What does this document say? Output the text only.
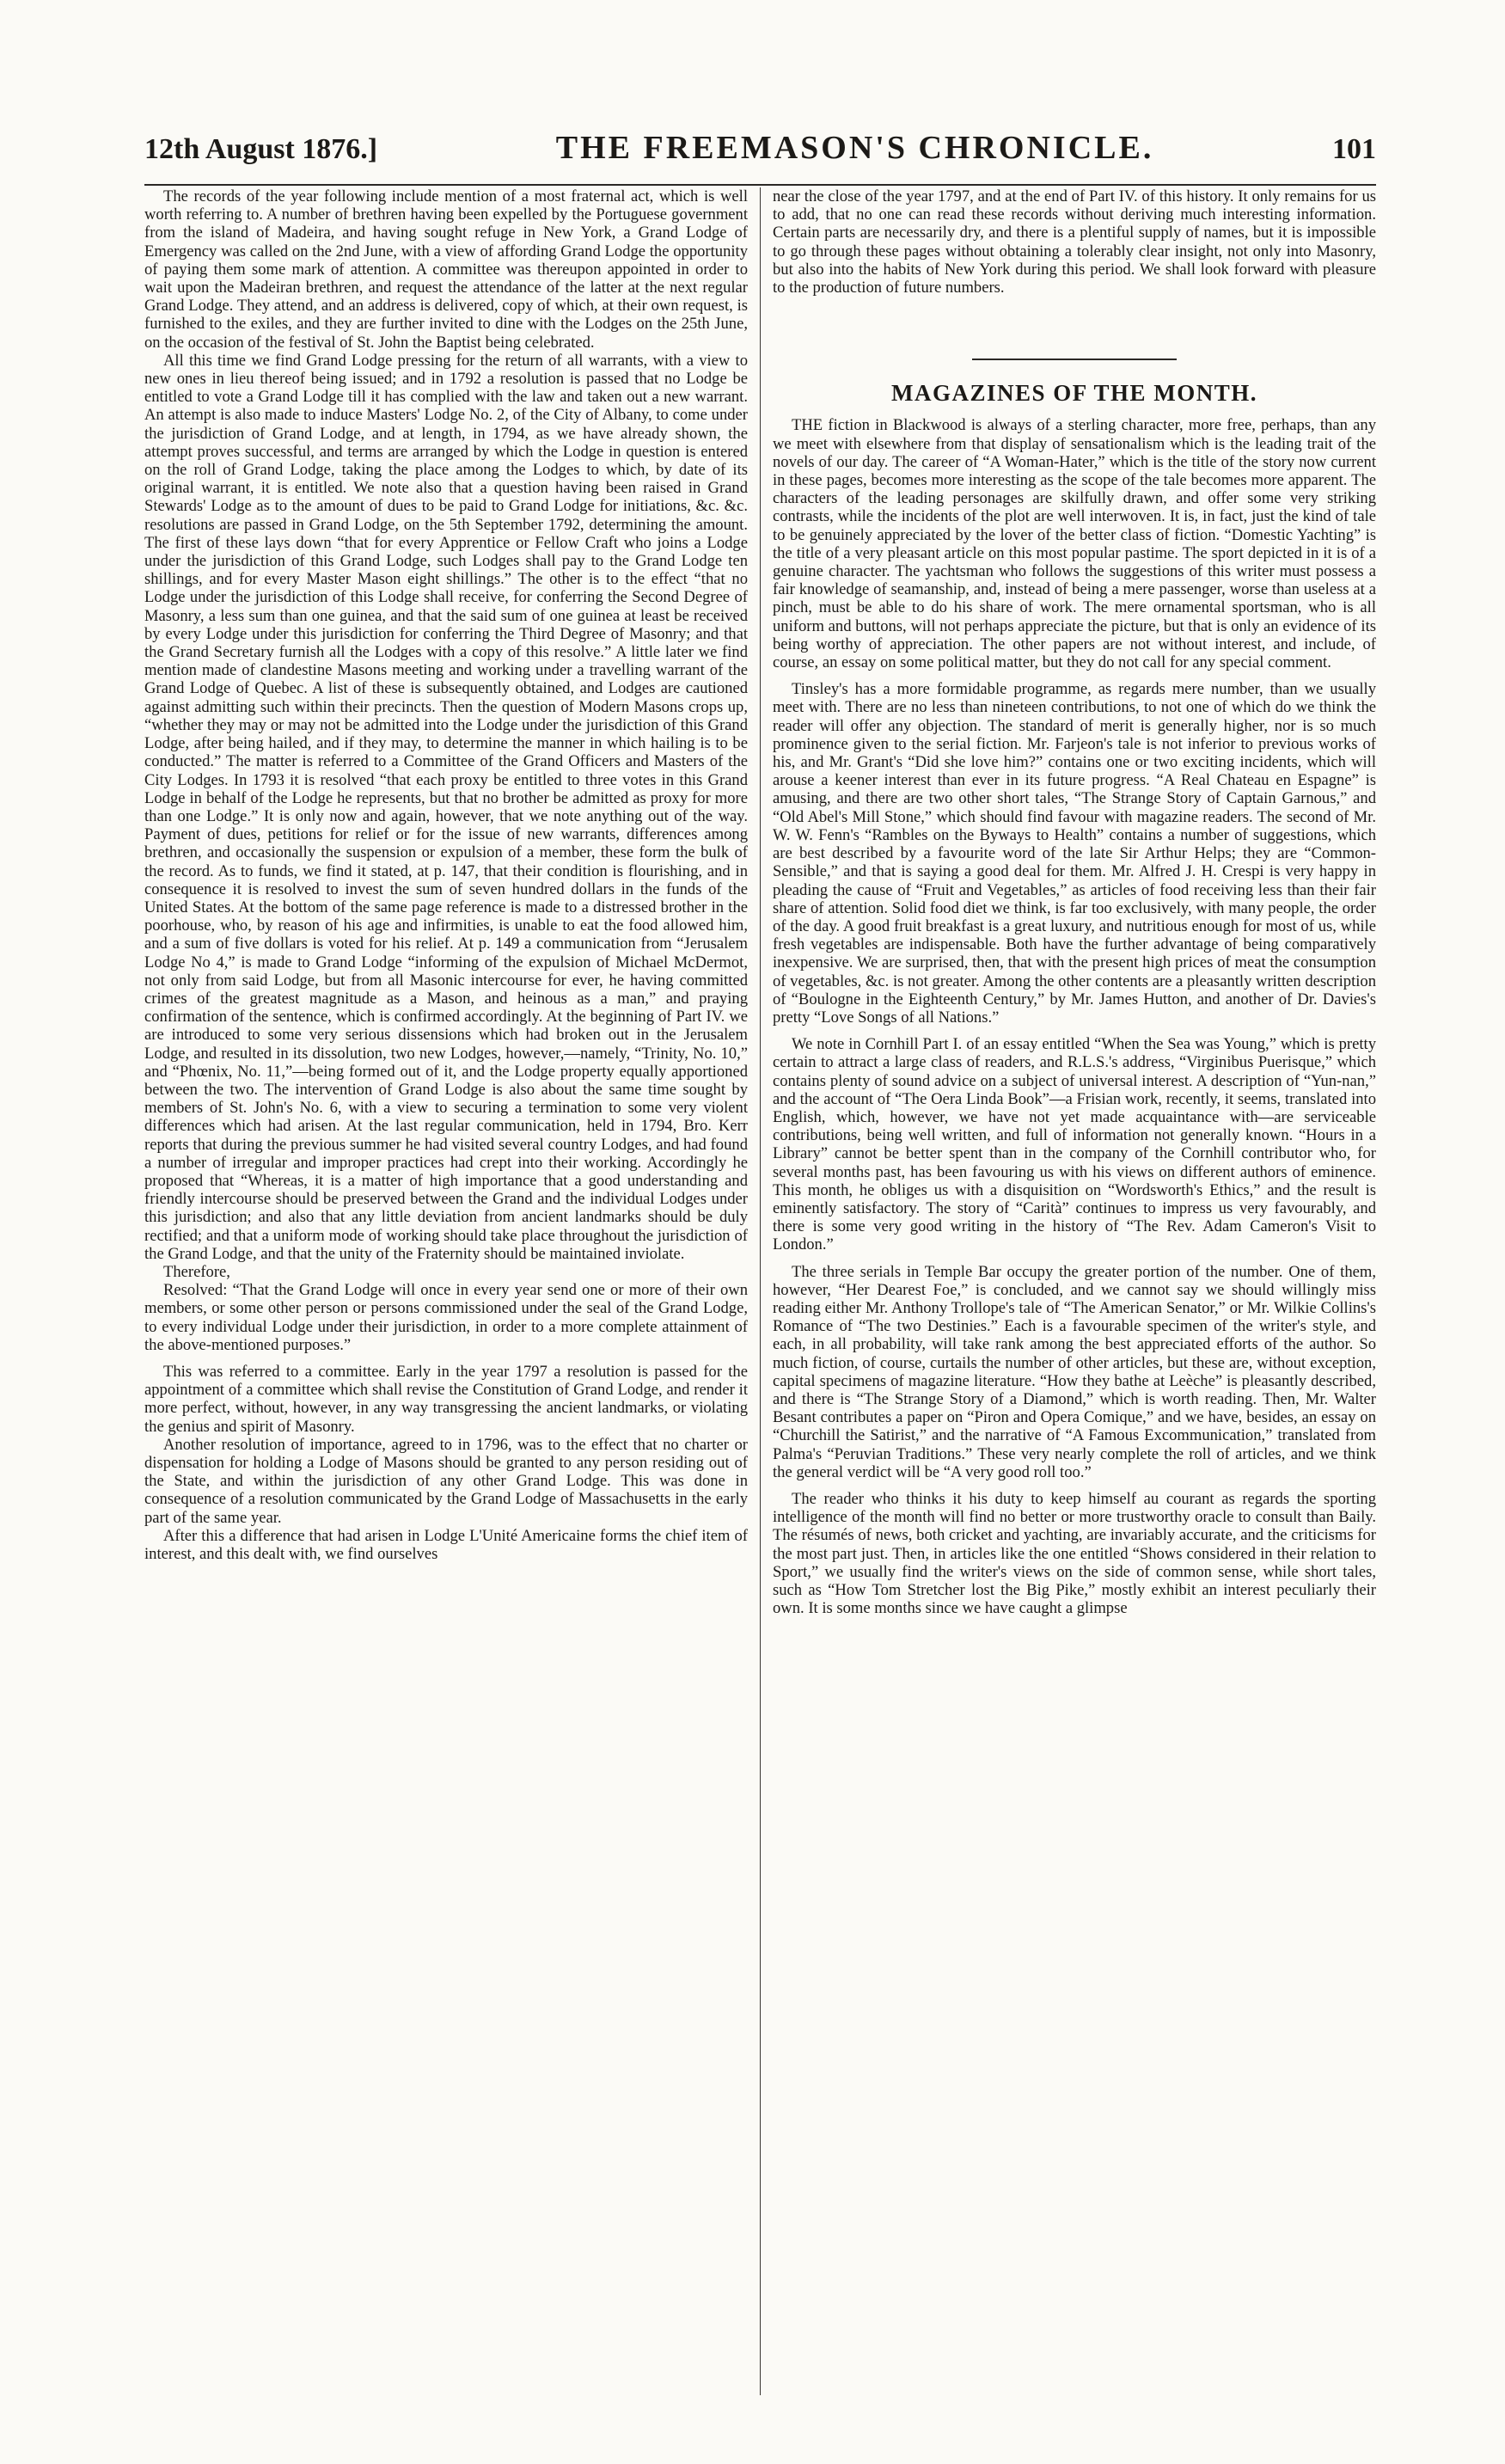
12th August 1876.]	THE FREEMASON'S CHRONICLE.	101

The records of the year following include mention of a most fraternal act, which is well worth referring to. A number of brethren having been expelled by the Portuguese government from the island of Madeira, and having sought refuge in New York, a Grand Lodge of Emergency was called on the 2nd June, with a view of affording Grand Lodge the opportunity of paying them some mark of attention. A committee was thereupon appointed in order to wait upon the Madeiran brethren, and request the attendance of the latter at the next regular Grand Lodge. They attend, and an address is delivered, copy of which, at their own request, is furnished to the exiles, and they are further invited to dine with the Lodges on the 25th June, on the occasion of the festival of St. John the Baptist being celebrated.

All this time we find Grand Lodge pressing for the return of all warrants, with a view to new ones in lieu thereof being issued; and in 1792 a resolution is passed that no Lodge be entitled to vote a Grand Lodge till it has complied with the law and taken out a new warrant. An attempt is also made to induce Masters' Lodge No. 2, of the City of Albany, to come under the jurisdiction of Grand Lodge, and at length, in 1794, as we have already shown, the attempt proves successful, and terms are arranged by which the Lodge in question is entered on the roll of Grand Lodge, taking the place among the Lodges to which, by date of its original warrant, it is entitled. We note also that a question having been raised in Grand Stewards' Lodge as to the amount of dues to be paid to Grand Lodge for initiations, &c. &c. resolutions are passed in Grand Lodge, on the 5th September 1792, determining the amount. The first of these lays down “that for every Apprentice or Fellow Craft who joins a Lodge under the jurisdiction of this Grand Lodge, such Lodges shall pay to the Grand Lodge ten shillings, and for every Master Mason eight shillings.” The other is to the effect “that no Lodge under the jurisdiction of this Lodge shall receive, for conferring the Second Degree of Masonry, a less sum than one guinea, and that the said sum of one guinea at least be received by every Lodge under this jurisdiction for conferring the Third Degree of Masonry; and that the Grand Secretary furnish all the Lodges with a copy of this resolve.” A little later we find mention made of clandestine Masons meeting and working under a travelling warrant of the Grand Lodge of Quebec. A list of these is subsequently obtained, and Lodges are cautioned against admitting such within their precincts. Then the question of Modern Masons crops up, “whether they may or may not be admitted into the Lodge under the jurisdiction of this Grand Lodge, after being hailed, and if they may, to determine the manner in which hailing is to be conducted.” The matter is referred to a Committee of the Grand Officers and Masters of the City Lodges. In 1793 it is resolved “that each proxy be entitled to three votes in this Grand Lodge in behalf of the Lodge he represents, but that no brother be admitted as proxy for more than one Lodge.” It is only now and again, however, that we note anything out of the way. Payment of dues, petitions for relief or for the issue of new warrants, differences among brethren, and occasionally the suspension or expulsion of a member, these form the bulk of the record. As to funds, we find it stated, at p. 147, that their condition is flourishing, and in consequence it is resolved to invest the sum of seven hundred dollars in the funds of the United States. At the bottom of the same page reference is made to a distressed brother in the poorhouse, who, by reason of his age and infirmities, is unable to eat the food allowed him, and a sum of five dollars is voted for his relief. At p. 149 a communication from “Jerusalem Lodge No 4,” is made to Grand Lodge “informing of the expulsion of Michael McDermot, not only from said Lodge, but from all Masonic intercourse for ever, he having committed crimes of the greatest magnitude as a Mason, and heinous as a man,” and praying confirmation of the sentence, which is confirmed accordingly. At the beginning of Part IV. we are introduced to some very serious dissensions which had broken out in the Jerusalem Lodge, and resulted in its dissolution, two new Lodges, however,—namely, “Trinity, No. 10,” and “Phœnix, No. 11,”—being formed out of it, and the Lodge property equally apportioned between the two. The intervention of Grand Lodge is also about the same time sought by members of St. John's No. 6, with a view to securing a termination to some very violent differences which had arisen. At the last regular communication, held in 1794, Bro. Kerr reports that during the previous summer he had visited several country Lodges, and had found a number of irregular and improper practices had crept into their working. Accordingly he proposed that “Whereas, it is a matter of high importance that a good understanding and friendly intercourse should be preserved between the Grand and the individual Lodges under this jurisdiction; and also that any little deviation from ancient landmarks should be duly rectified; and that a uniform mode of working should take place throughout the jurisdiction of the Grand Lodge, and that the unity of the Fraternity should be maintained inviolate.

Therefore,

Resolved: “That the Grand Lodge will once in every year send one or more of their own members, or some other person or persons commissioned under the seal of the Grand Lodge, to every individual Lodge under their jurisdiction, in order to a more complete attainment of the above-mentioned purposes.”

This was referred to a committee. Early in the year 1797 a resolution is passed for the appointment of a committee which shall revise the Constitution of Grand Lodge, and render it more perfect, without, however, in any way transgressing the ancient landmarks, or violating the genius and spirit of Masonry.

Another resolution of importance, agreed to in 1796, was to the effect that no charter or dispensation for holding a Lodge of Masons should be granted to any person residing out of the State, and within the jurisdiction of any other Grand Lodge. This was done in consequence of a resolution communicated by the Grand Lodge of Massachusetts in the early part of the same year.

After this a difference that had arisen in Lodge L'Unité Americaine forms the chief item of interest, and this dealt with, we find ourselves

near the close of the year 1797, and at the end of Part IV. of this history. It only remains for us to add, that no one can read these records without deriving much interesting information. Certain parts are necessarily dry, and there is a plentiful supply of names, but it is impossible to go through these pages without obtaining a tolerably clear insight, not only into Masonry, but also into the habits of New York during this period. We shall look forward with pleasure to the production of future numbers.

MAGAZINES OF THE MONTH.

THE fiction in Blackwood is always of a sterling character, more free, perhaps, than any we meet with elsewhere from that display of sensationalism which is the leading trait of the novels of our day. The career of “A Woman-Hater,” which is the title of the story now current in these pages, becomes more interesting as the scope of the tale becomes more apparent. The characters of the leading personages are skilfully drawn, and offer some very striking contrasts, while the incidents of the plot are well interwoven. It is, in fact, just the kind of tale to be genuinely appreciated by the lover of the better class of fiction. “Domestic Yachting” is the title of a very pleasant article on this most popular pastime. The sport depicted in it is of a genuine character. The yachtsman who follows the suggestions of this writer must possess a fair knowledge of seamanship, and, instead of being a mere passenger, worse than useless at a pinch, must be able to do his share of work. The mere ornamental sportsman, who is all uniform and buttons, will not perhaps appreciate the picture, but that is only an evidence of its being worthy of appreciation. The other papers are not without interest, and include, of course, an essay on some political matter, but they do not call for any special comment.

Tinsley's has a more formidable programme, as regards mere number, than we usually meet with. There are no less than nineteen contributions, to not one of which do we think the reader will offer any objection. The standard of merit is generally higher, nor is so much prominence given to the serial fiction. Mr. Farjeon's tale is not inferior to previous works of his, and Mr. Grant's “Did she love him?” contains one or two exciting incidents, which will arouse a keener interest than ever in its future progress. “A Real Chateau en Espagne” is amusing, and there are two other short tales, “The Strange Story of Captain Garnous,” and “Old Abel's Mill Stone,” which should find favour with magazine readers. The second of Mr. W. W. Fenn's “Rambles on the Byways to Health” contains a number of suggestions, which are best described by a favourite word of the late Sir Arthur Helps; they are “Common-Sensible,” and that is saying a good deal for them. Mr. Alfred J. H. Crespi is very happy in pleading the cause of “Fruit and Vegetables,” as articles of food receiving less than their fair share of attention. Solid food diet we think, is far too exclusively, with many people, the order of the day. A good fruit breakfast is a great luxury, and nutritious enough for most of us, while fresh vegetables are indispensable. Both have the further advantage of being comparatively inexpensive. We are surprised, then, that with the present high prices of meat the consumption of vegetables, &c. is not greater. Among the other contents are a pleasantly written description of “Boulogne in the Eighteenth Century,” by Mr. James Hutton, and another of Dr. Davies's pretty “Love Songs of all Nations.”

We note in Cornhill Part I. of an essay entitled “When the Sea was Young,” which is pretty certain to attract a large class of readers, and R.L.S.'s address, “Virginibus Puerisque,” which contains plenty of sound advice on a subject of universal interest. A description of “Yun-nan,” and the account of “The Oera Linda Book”—a Frisian work, recently, it seems, translated into English, which, however, we have not yet made acquaintance with—are serviceable contributions, being well written, and full of information not generally known. “Hours in a Library” cannot be better spent than in the company of the Cornhill contributor who, for several months past, has been favouring us with his views on different authors of eminence. This month, he obliges us with a disquisition on “Wordsworth's Ethics,” and the result is eminently satisfactory. The story of “Carità” continues to impress us very favourably, and there is some very good writing in the history of “The Rev. Adam Cameron's Visit to London.”

The three serials in Temple Bar occupy the greater portion of the number. One of them, however, “Her Dearest Foe,” is concluded, and we cannot say we should willingly miss reading either Mr. Anthony Trollope's tale of “The American Senator,” or Mr. Wilkie Collins's Romance of “The two Destinies.” Each is a favourable specimen of the writer's style, and each, in all probability, will take rank among the best appreciated efforts of the author. So much fiction, of course, curtails the number of other articles, but these are, without exception, capital specimens of magazine literature. “How they bathe at Leèche” is pleasantly described, and there is “The Strange Story of a Diamond,” which is worth reading. Then, Mr. Walter Besant contributes a paper on “Piron and Opera Comique,” and we have, besides, an essay on “Churchill the Satirist,” and the narrative of “A Famous Excommunication,” translated from Palma's “Peruvian Traditions.” These very nearly complete the roll of articles, and we think the general verdict will be “A very good roll too.”

The reader who thinks it his duty to keep himself au courant as regards the sporting intelligence of the month will find no better or more trustworthy oracle to consult than Baily. The résumés of news, both cricket and yachting, are invariably accurate, and the criticisms for the most part just. Then, in articles like the one entitled “Shows considered in their relation to Sport,” we usually find the writer's views on the side of common sense, while short tales, such as “How Tom Stretcher lost the Big Pike,” mostly exhibit an interest peculiarly their own. It is some months since we have caught a glimpse
